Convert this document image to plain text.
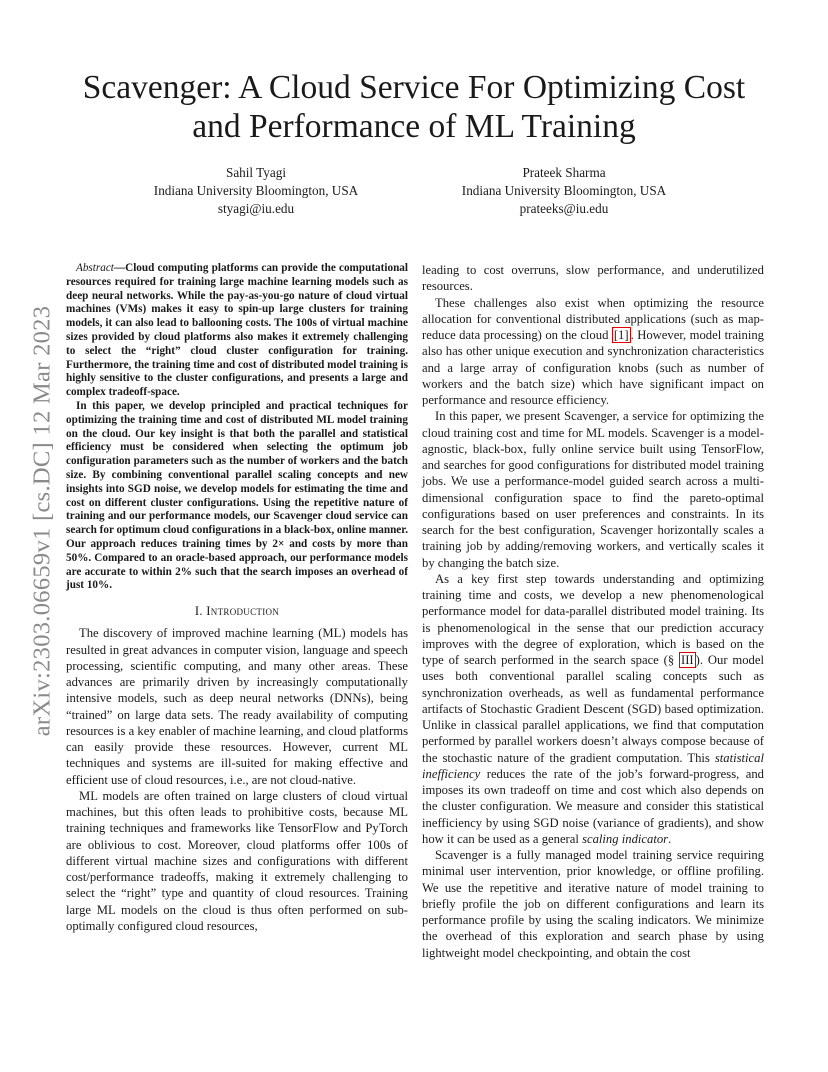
arXiv:2303.06659v1 [cs.DC] 12 Mar 2023
Scavenger: A Cloud Service For Optimizing Cost
and Performance of ML Training
Sahil Tyagi
Indiana University Bloomington, USA
styagi@iu.edu
Prateek Sharma
Indiana University Bloomington, USA
prateeks@iu.edu

Abstract—Cloud computing platforms can provide the computational resources required for training large machine learning models such as deep neural networks. While the pay-as-you-go nature of cloud virtual machines (VMs) makes it easy to spin-up large clusters for training models, it can also lead to ballooning costs. The 100s of virtual machine sizes provided by cloud platforms also makes it extremely challenging to select the “right” cloud cluster configuration for training. Furthermore, the training time and cost of distributed model training is highly sensitive to the cluster configurations, and presents a large and complex tradeoff-space.

In this paper, we develop principled and practical techniques for optimizing the training time and cost of distributed ML model training on the cloud. Our key insight is that both the parallel and statistical efficiency must be considered when selecting the optimum job configuration parameters such as the number of workers and the batch size. By combining conventional parallel scaling concepts and new insights into SGD noise, we develop models for estimating the time and cost on different cluster configurations. Using the repetitive nature of training and our performance models, our Scavenger cloud service can search for optimum cloud configurations in a black-box, online manner. Our approach reduces training times by 2× and costs by more than 50%. Compared to an oracle-based approach, our performance models are accurate to within 2% such that the search imposes an overhead of just 10%.

I. Introduction

The discovery of improved machine learning (ML) models has resulted in great advances in computer vision, language and speech processing, scientific computing, and many other areas. These advances are primarily driven by increasingly computationally intensive models, such as deep neural networks (DNNs), being “trained” on large data sets. The ready availability of computing resources is a key enabler of machine learning, and cloud platforms can easily provide these resources. However, current ML techniques and systems are ill-suited for making effective and efficient use of cloud resources, i.e., are not cloud-native.

ML models are often trained on large clusters of cloud virtual machines, but this often leads to prohibitive costs, because ML training techniques and frameworks like TensorFlow and PyTorch are oblivious to cost. Moreover, cloud platforms offer 100s of different virtual machine sizes and configurations with different cost/performance tradeoffs, making it extremely challenging to select the “right” type and quantity of cloud resources. Training large ML models on the cloud is thus often performed on sub-optimally configured cloud resources,

leading to cost overruns, slow performance, and underutilized resources.

These challenges also exist when optimizing the resource allocation for conventional distributed applications (such as map-reduce data processing) on the cloud [1] . However, model training also has other unique execution and synchronization characteristics and a large array of configuration knobs (such as number of workers and the batch size) which have significant impact on performance and resource efficiency.

In this paper, we present Scavenger, a service for optimizing the cloud training cost and time for ML models. Scavenger is a model-agnostic, black-box, fully online service built using TensorFlow, and searches for good configurations for distributed model training jobs. We use a performance-model guided search across a multi-dimensional configuration space to find the pareto-optimal configurations based on user preferences and constraints. In its search for the best configuration, Scavenger horizontally scales a training job by adding/removing workers, and vertically scales it by changing the batch size.

As a key first step towards understanding and optimizing training time and costs, we develop a new phenomenological performance model for data-parallel distributed model training. Its is phenomenological in the sense that our prediction accuracy improves with the degree of exploration, which is based on the type of search performed in the search space (§ III ). Our model uses both conventional parallel scaling concepts such as synchronization overheads, as well as fundamental performance artifacts of Stochastic Gradient Descent (SGD) based optimization. Unlike in classical parallel applications, we find that computation performed by parallel workers doesn’t always compose because of the stochastic nature of the gradient computation. This statistical inefficiency reduces the rate of the job’s forward-progress, and imposes its own tradeoff on time and cost which also depends on the cluster configuration. We measure and consider this statistical inefficiency by using SGD noise (variance of gradients), and show how it can be used as a general scaling indicator.

Scavenger is a fully managed model training service requiring minimal user intervention, prior knowledge, or offline profiling. We use the repetitive and iterative nature of model training to briefly profile the job on different configurations and learn its performance profile by using the scaling indicators. We minimize the overhead of this exploration and search phase by using lightweight model checkpointing, and obtain the cost
